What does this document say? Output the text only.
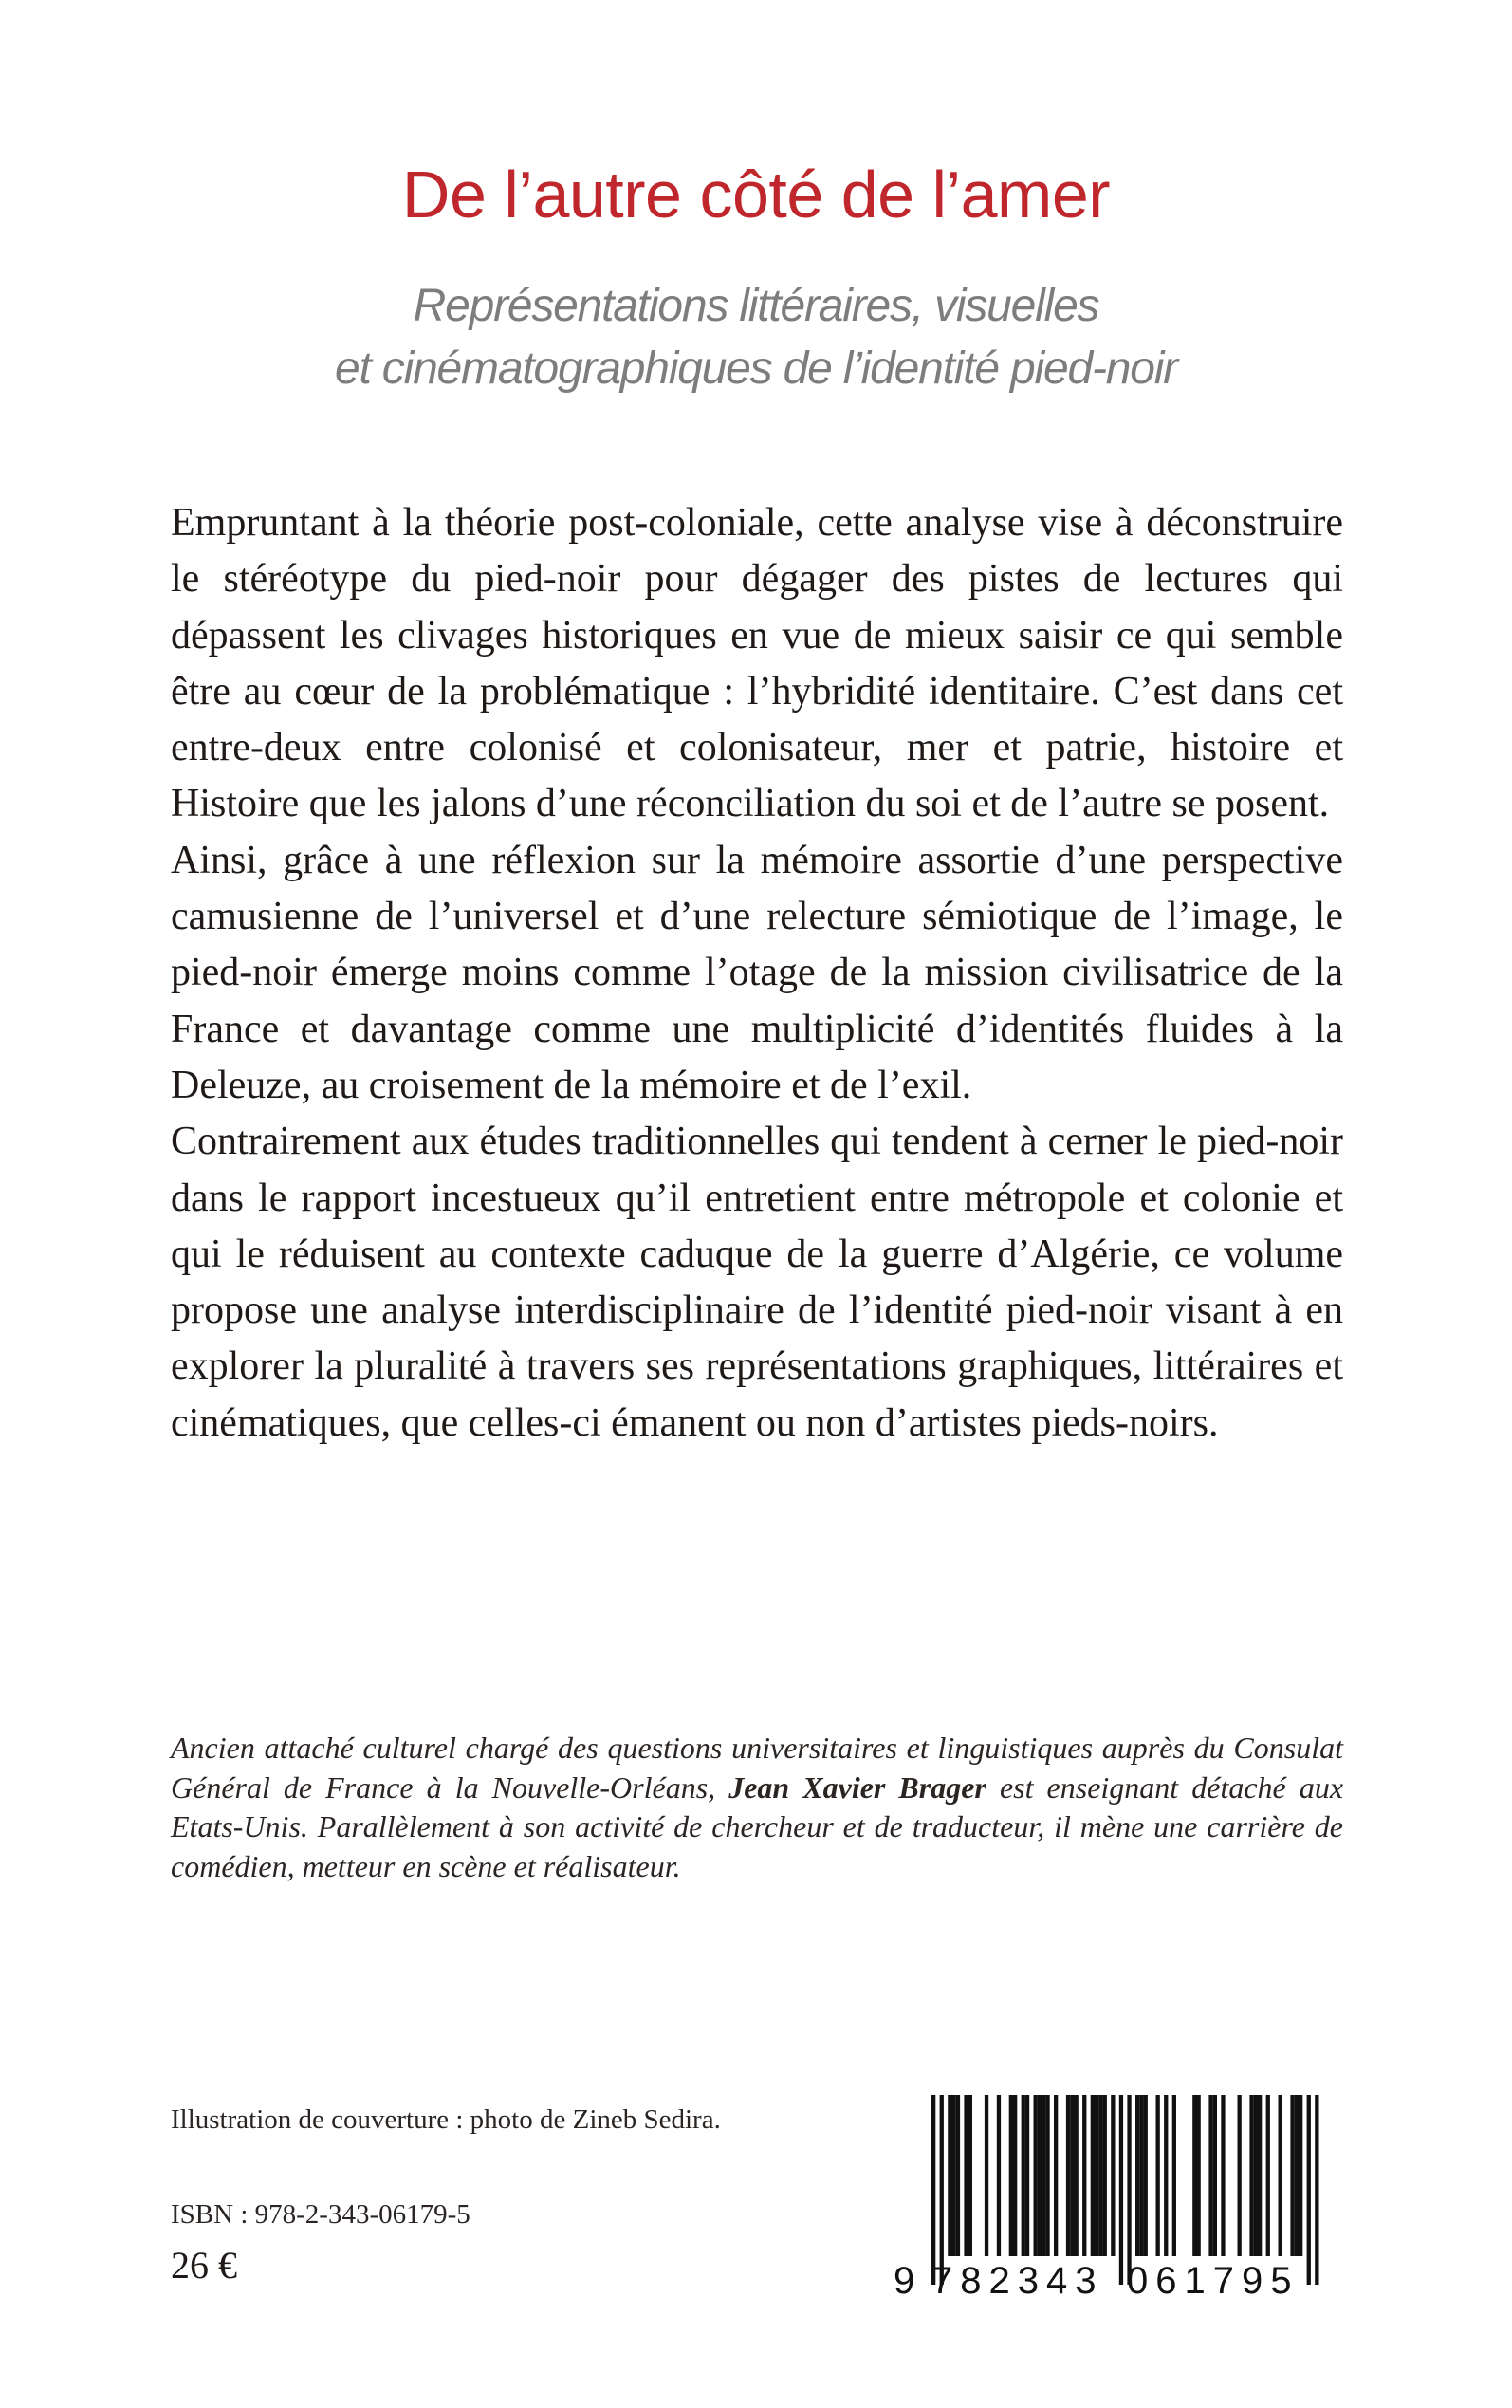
De l’autre côté de l’amer
Représentations littéraires, visuelles
et cinématographiques de l’identité pied-noir

Empruntant à la théorie post-coloniale, cette analyse vise à déconstruire le stéréotype du pied-noir pour dégager des pistes de lectures qui dépassent les clivages historiques en vue de mieux saisir ce qui semble être au cœur de la problématique : l’hybridité identitaire. C’est dans cet entre-deux entre colonisé et colonisateur, mer et patrie, histoire et Histoire que les jalons d’une réconciliation du soi et de l’autre se posent.

Ainsi, grâce à une réflexion sur la mémoire assortie d’une perspective camusienne de l’universel et d’une relecture sémiotique de l’image, le pied-noir émerge moins comme l’otage de la mission civilisatrice de la France et davantage comme une multiplicité d’identités fluides à la Deleuze, au croisement de la mémoire et de l’exil.

Contrairement aux études traditionnelles qui tendent à cerner le pied-noir dans le rapport incestueux qu’il entretient entre métropole et colonie et qui le réduisent au contexte caduque de la guerre d’Algérie, ce volume propose une analyse interdisciplinaire de l’identité pied-noir visant à en explorer la pluralité à travers ses représentations graphiques, littéraires et cinématiques, que celles-ci émanent ou non d’artistes pieds-noirs.

Ancien attaché culturel chargé des questions universitaires et linguistiques auprès du Consulat Général de France à la Nouvelle-Orléans, Jean Xavier Brager est enseignant détaché aux Etats-Unis. Parallèlement à son activité de chercheur et de traducteur, il mène une carrière de comédien, metteur en scène et réalisateur.
Illustration de couverture : photo de Zineb Sedira.
ISBN : 978-2-343-06179-5
26 €	9 782343 061795
